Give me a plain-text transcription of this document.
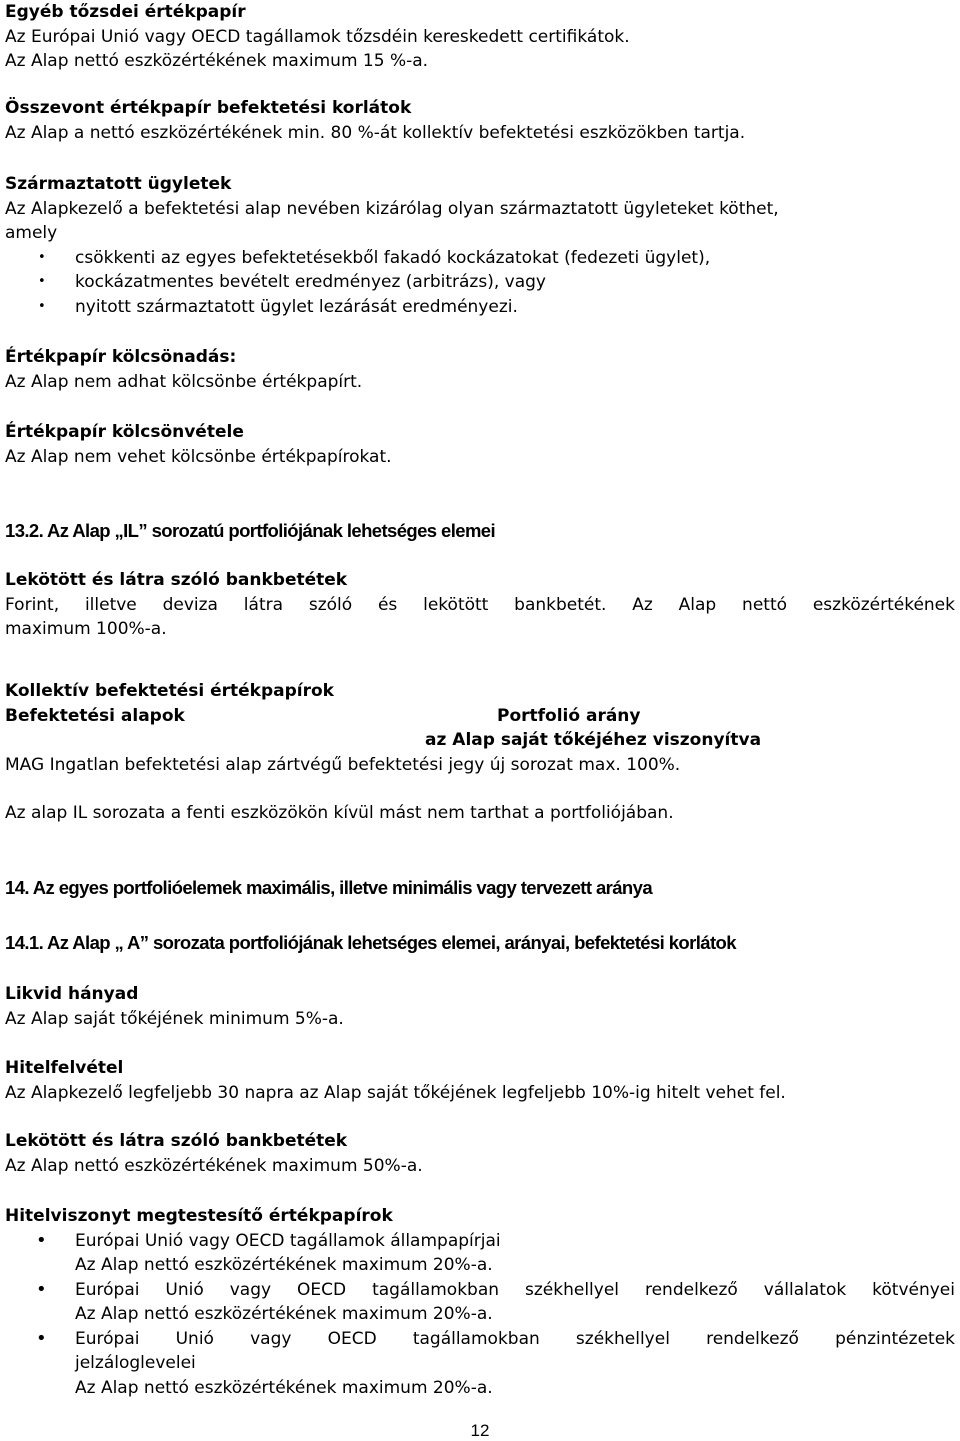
Egyéb tőzsdei értékpapír
Az Európai Unió vagy OECD tagállamok tőzsdéin kereskedett certifikátok.
Az Alap nettó eszközértékének maximum 15 %-a.
Összevont értékpapír befektetési korlátok
Az Alap a nettó eszközértékének min. 80 %-át kollektív befektetési eszközökben tartja.
Származtatott ügyletek
Az Alapkezelő a befektetési alap nevében kizárólag olyan származtatott ügyleteket köthet,
amely
• csökkenti az egyes befektetésekből fakadó kockázatokat (fedezeti ügylet),
• kockázatmentes bevételt eredményez (arbitrázs), vagy
• nyitott származtatott ügylet lezárását eredményezi.
Értékpapír kölcsönadás:
Az Alap nem adhat kölcsönbe értékpapírt.
Értékpapír kölcsönvétele
Az Alap nem vehet kölcsönbe értékpapírokat.
13.2. Az Alap „IL” sorozatú portfoliójának lehetséges elemei
Lekötött és látra szóló bankbetétek
Forint, illetve deviza látra szóló és lekötött bankbetét. Az Alap nettó eszközértékének
maximum 100%-a.
Kollektív befektetési értékpapírok
Befektetési alapok	Portfolió arány
az Alap saját tőkéjéhez viszonyítva
MAG Ingatlan befektetési alap zártvégű befektetési jegy új sorozat max. 100%.
Az alap IL sorozata a fenti eszközökön kívül mást nem tarthat a portfoliójában.
14. Az egyes portfolióelemek maximális, illetve minimális vagy tervezett aránya
14.1. Az Alap „ A” sorozata portfoliójának lehetséges elemei, arányai, befektetési korlátok
Likvid hányad
Az Alap saját tőkéjének minimum 5%-a.
Hitelfelvétel
Az Alapkezelő legfeljebb 30 napra az Alap saját tőkéjének legfeljebb 10%-ig hitelt vehet fel.
Lekötött és látra szóló bankbetétek
Az Alap nettó eszközértékének maximum 50%-a.
Hitelviszonyt megtestesítő értékpapírok
• Európai Unió vagy OECD tagállamok állampapírjai
Az Alap nettó eszközértékének maximum 20%-a.
• Európai Unió vagy OECD tagállamokban székhellyel rendelkező vállalatok kötvényei
Az Alap nettó eszközértékének maximum 20%-a.
• Európai Unió vagy OECD tagállamokban székhellyel rendelkező pénzintézetek
jelzáloglevelei
Az Alap nettó eszközértékének maximum 20%-a.
12
